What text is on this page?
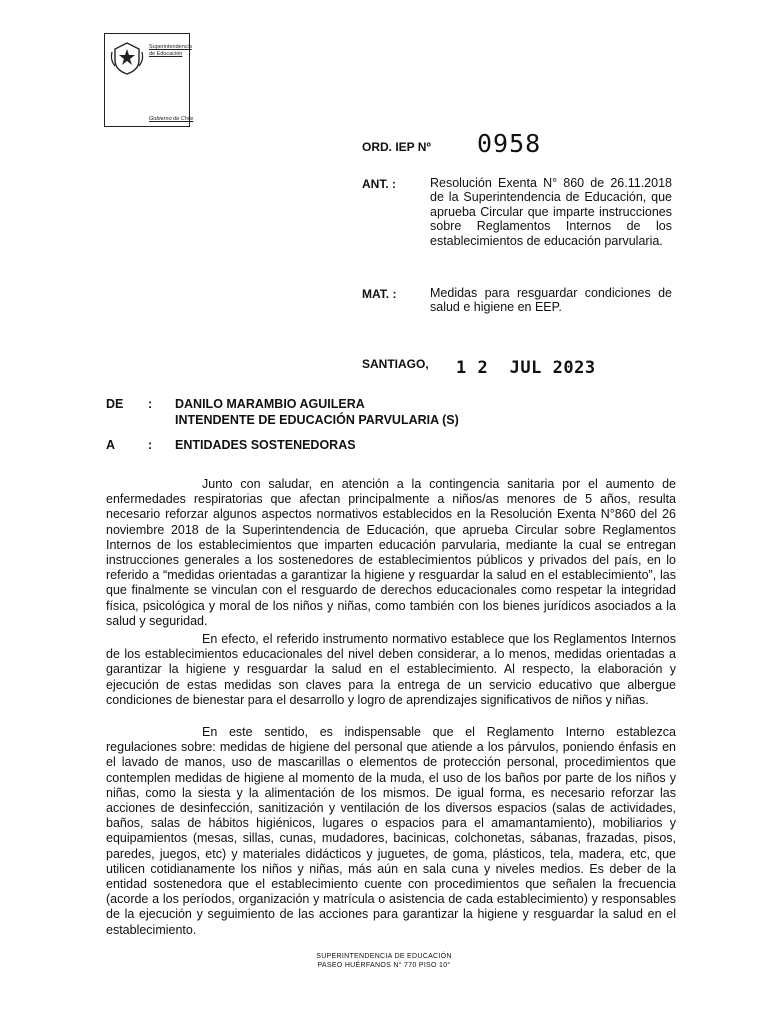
Superintendencia
de Educación
Gobierno de Chile
ORD. IEP Nº 0958
ANT. :	Resolución Exenta N° 860 de 26.11.2018 de la Superintendencia de Educación, que aprueba Circular que imparte instrucciones sobre Reglamentos Internos de los establecimientos de educación parvularia.
MAT. :	Medidas para resguardar condiciones de salud e higiene en EEP.
SANTIAGO, 1 2  JUL 2023
DE : DANILO MARAMBIO AGUILERA
INTENDENTE DE EDUCACIÓN PARVULARIA (S)
A	: ENTIDADES SOSTENEDORAS

Junto con saludar, en atención a la contingencia sanitaria por el aumento de enfermedades respiratorias que afectan principalmente a niños/as menores de 5 años, resulta necesario reforzar algunos aspectos normativos establecidos en la Resolución Exenta N°860 del 26 noviembre 2018 de la Superintendencia de Educación, que aprueba Circular sobre Reglamentos Internos de los establecimientos que imparten educación parvularia, mediante la cual se entregan instrucciones generales a los sostenedores de establecimientos públicos y privados del país, en lo referido a “medidas orientadas a garantizar la higiene y resguardar la salud en el establecimiento”, las que finalmente se vinculan con el resguardo de derechos educacionales como respetar la integridad física, psicológica y moral de los niños y niñas, como también con los bienes jurídicos asociados a la salud y seguridad.

En efecto, el referido instrumento normativo establece que los Reglamentos Internos de los establecimientos educacionales del nivel deben considerar, a lo menos, medidas orientadas a garantizar la higiene y resguardar la salud en el establecimiento. Al respecto, la elaboración y ejecución de estas medidas son claves para la entrega de un servicio educativo que albergue condiciones de bienestar para el desarrollo y logro de aprendizajes significativos de niños y niñas.

En este sentido, es indispensable que el Reglamento Interno establezca regulaciones sobre: medidas de higiene del personal que atiende a los párvulos, poniendo énfasis en el lavado de manos, uso de mascarillas o elementos de protección personal, procedimientos que contemplen medidas de higiene al momento de la muda, el uso de los baños por parte de los niños y niñas, como la siesta y la alimentación de los mismos. De igual forma, es necesario reforzar las acciones de desinfección, sanitización y ventilación de los diversos espacios (salas de actividades, baños, salas de hábitos higiénicos, lugares o espacios para el amamantamiento), mobiliarios y equipamientos (mesas, sillas, cunas, mudadores, bacinicas, colchonetas, sábanas, frazadas, pisos, paredes, juegos, etc) y materiales didácticos y juguetes, de goma, plásticos, tela, madera, etc, que utilicen cotidianamente los niños y niñas, más aún en sala cuna y niveles medios. Es deber de la entidad sostenedora que el establecimiento cuente con procedimientos que señalen la frecuencia (acorde a los períodos, organización y matrícula o asistencia de cada establecimiento) y responsables de la ejecución y seguimiento de las acciones para garantizar la higiene y resguardar la salud en el establecimiento.

SUPERINTENDENCIA DE EDUCACIÓN
PASEO HUÉRFANOS N° 770 PISO 10°
